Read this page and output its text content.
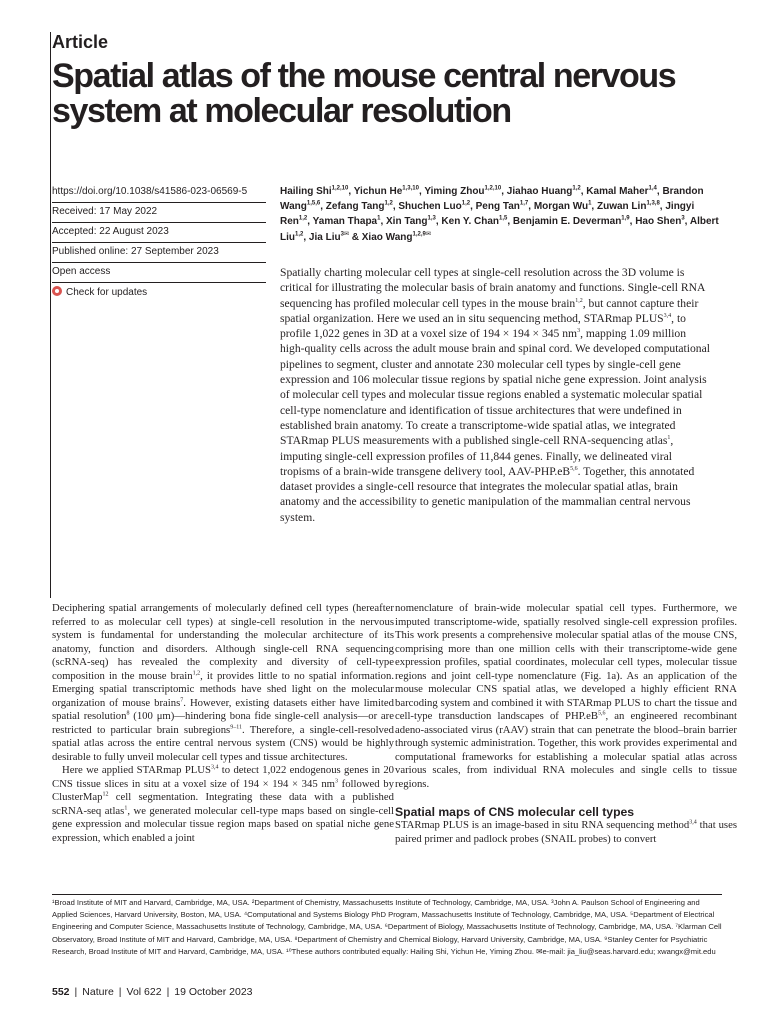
Article
Spatial atlas of the mouse central nervous system at molecular resolution
https://doi.org/10.1038/s41586-023-06569-5
Received: 17 May 2022
Accepted: 22 August 2023
Published online: 27 September 2023
Open access
Check for updates
Hailing Shi$^{1,2,10}$, Yichun He$^{1,3,10}$, Yiming Zhou$^{1,2,10}$, Jiahao Huang$^{1,2}$, Kamal Maher$^{1,4}$, Brandon Wang$^{1,5,6}$, Zefang Tang$^{1,2}$, Shuchen Luo$^{1,2}$, Peng Tan$^{1,7}$, Morgan Wu$^1$, Zuwan Lin$^{1,3,8}$, Jingyi Ren$^{1,2}$, Yaman Thapa$^1$, Xin Tang$^{1,3}$, Ken Y. Chan$^{1,5}$, Benjamin E. Deverman$^{1,9}$, Hao Shen$^3$, Albert Liu$^{1,2}$, Jia Liu$^{3✉}$ & Xiao Wang$^{1,2,9✉}$

Spatially charting molecular cell types at single-cell resolution across the 3D volume is critical for illustrating the molecular basis of brain anatomy and functions. Single-cell RNA sequencing has profiled molecular cell types in the mouse brain$^{1,2}$, but cannot capture their spatial organization. Here we used an in situ sequencing method, STARmap PLUS$^{3,4}$, to profile 1,022 genes in 3D at a voxel size of 194 × 194 × 345 $nm^3$, mapping 1.09 million high-quality cells across the adult mouse brain and spinal cord. We developed computational pipelines to segment, cluster and annotate 230 molecular cell types by single-cell gene expression and 106 molecular tissue regions by spatial niche gene expression. Joint analysis of molecular cell types and molecular tissue regions enabled a systematic molecular spatial cell-type nomenclature and identification of tissue architectures that were undefined in established brain anatomy. To create a transcriptome-wide spatial atlas, we integrated STARmap PLUS measurements with a published single-cell RNA-sequencing atlas$^1$, imputing single-cell expression profiles of 11,844 genes. Finally, we delineated viral tropisms of a brain-wide transgene delivery tool, AAV-PHP.eB$^{5,6}$. Together, this annotated dataset provides a single-cell resource that integrates the molecular spatial atlas, brain anatomy and the accessibility to genetic manipulation of the mammalian central nervous system.

Deciphering spatial arrangements of molecularly defined cell types (hereafter referred to as molecular cell types) at single-cell resolution in the nervous system is fundamental for understanding the molecular architecture of its anatomy, function and disorders. Although single-cell RNA sequencing (scRNA-seq) has revealed the complexity and diversity of cell-type composition in the mouse brain$^{1,2}$, it provides little to no spatial information. Emerging spatial transcriptomic methods have shed light on the molecular organization of mouse brains$^7$. However, existing datasets either have limited spatial resolution$^8$ (100 μm)—hindering bona fide single-cell analysis—or are restricted to particular brain subregions$^{9-11}$. Therefore, a single-cell-resolved spatial atlas across the entire central nervous system (CNS) would be highly desirable to fully unveil molecular cell types and tissue architectures.

Here we applied STARmap PLUS$^{3,4}$ to detect 1,022 endogenous genes in 20 CNS tissue slices in situ at a voxel size of 194 × 194 × 345 $nm^3$ followed by ClusterMap$^{12}$ cell segmentation. Integrating these data with a published scRNA-seq atlas$^1$, we generated molecular cell-type maps based on single-cell gene expression and molecular tissue region maps based on spatial niche gene expression, which enabled a joint

nomenclature of brain-wide molecular spatial cell types. Furthermore, we imputed transcriptome-wide, spatially resolved single-cell expression profiles. This work presents a comprehensive molecular spatial atlas of the mouse CNS, comprising more than one million cells with their transcriptome-wide gene expression profiles, spatial coordinates, molecular cell types, molecular tissue regions and joint cell-type nomenclature (Fig. 1a). As an application of the mouse molecular CNS spatial atlas, we developed a highly efficient RNA barcoding system and combined it with STARmap PLUS to chart the tissue and cell-type transduction landscapes of PHP.eB$^{5,6}$, an engineered recombinant adeno-associated virus (rAAV) strain that can penetrate the blood–brain barrier through systemic administration. Together, this work provides experimental and computational frameworks for establishing a molecular spatial atlas across various scales, from individual RNA molecules and single cells to tissue regions.

Spatial maps of CNS molecular cell types

STARmap PLUS is an image-based in situ RNA sequencing method$^{3,4}$ that uses paired primer and padlock probes (SNAIL probes) to convert

¹Broad Institute of MIT and Harvard, Cambridge, MA, USA. ²Department of Chemistry, Massachusetts Institute of Technology, Cambridge, MA, USA. ³John A. Paulson School of Engineering and Applied Sciences, Harvard University, Boston, MA, USA. ⁴Computational and Systems Biology PhD Program, Massachusetts Institute of Technology, Cambridge, MA, USA. ⁵Department of Electrical Engineering and Computer Science, Massachusetts Institute of Technology, Cambridge, MA, USA. ⁶Department of Biology, Massachusetts Institute of Technology, Cambridge, MA, USA. ⁷Klarman Cell Observatory, Broad Institute of MIT and Harvard, Cambridge, MA, USA. ⁸Department of Chemistry and Chemical Biology, Harvard University, Cambridge, MA, USA. ⁹Stanley Center for Psychiatric Research, Broad Institute of MIT and Harvard, Cambridge, MA, USA. ¹⁰These authors contributed equally: Hailing Shi, Yichun He, Yiming Zhou. ✉e-mail: jia_liu@seas.harvard.edu; xwangx@mit.edu
552 | Nature | Vol 622 | 19 October 2023
